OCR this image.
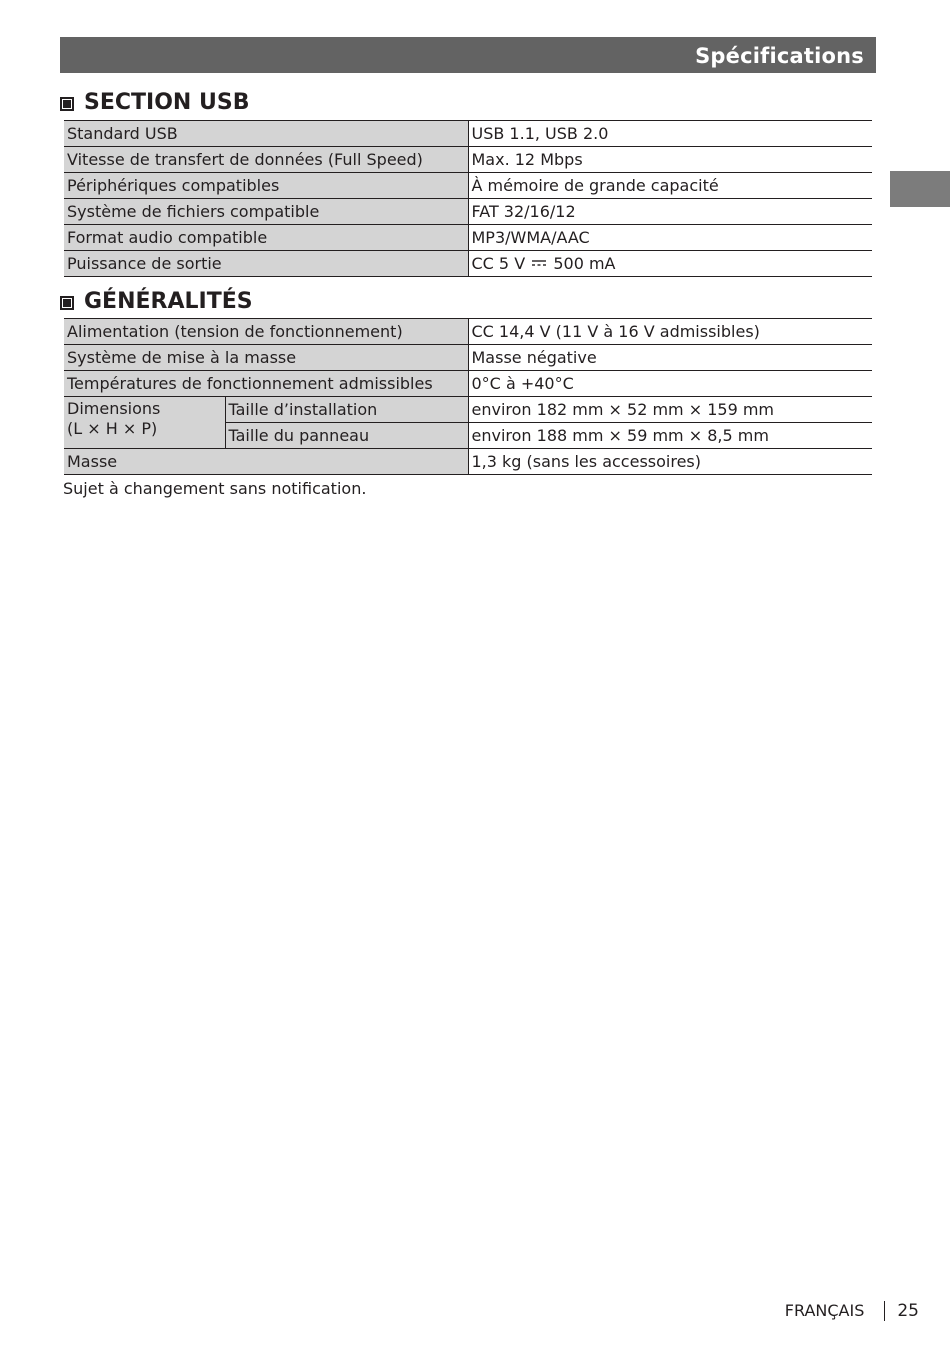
Spécifications
SECTION USB
Standard USB	USB 1.1, USB 2.0
Vitesse de transfert de données (Full Speed)	Max. 12 Mbps
Périphériques compatibles	À mémoire de grande capacité
Système de fichiers compatible	FAT 32/16/12
Format audio compatible	MP3/WMA/AAC
Puissance de sortie	CC 5 V 500 mA
GÉNÉRALITÉS
Alimentation (tension de fonctionnement)		CC 14,4 V (11 V à 16 V admissibles)
Système de mise à la masse		Masse négative
Températures de fonctionnement admissibles		0°C à +40°C
Dimensions
(L × H × P)	Taille d’installation	environ 182 mm × 52 mm × 159 mm
	Taille du panneau	environ 188 mm × 59 mm × 8,5 mm
Masse		1,3 kg (sans les accessoires)
Sujet à changement sans notification.
FRANÇAIS 25
